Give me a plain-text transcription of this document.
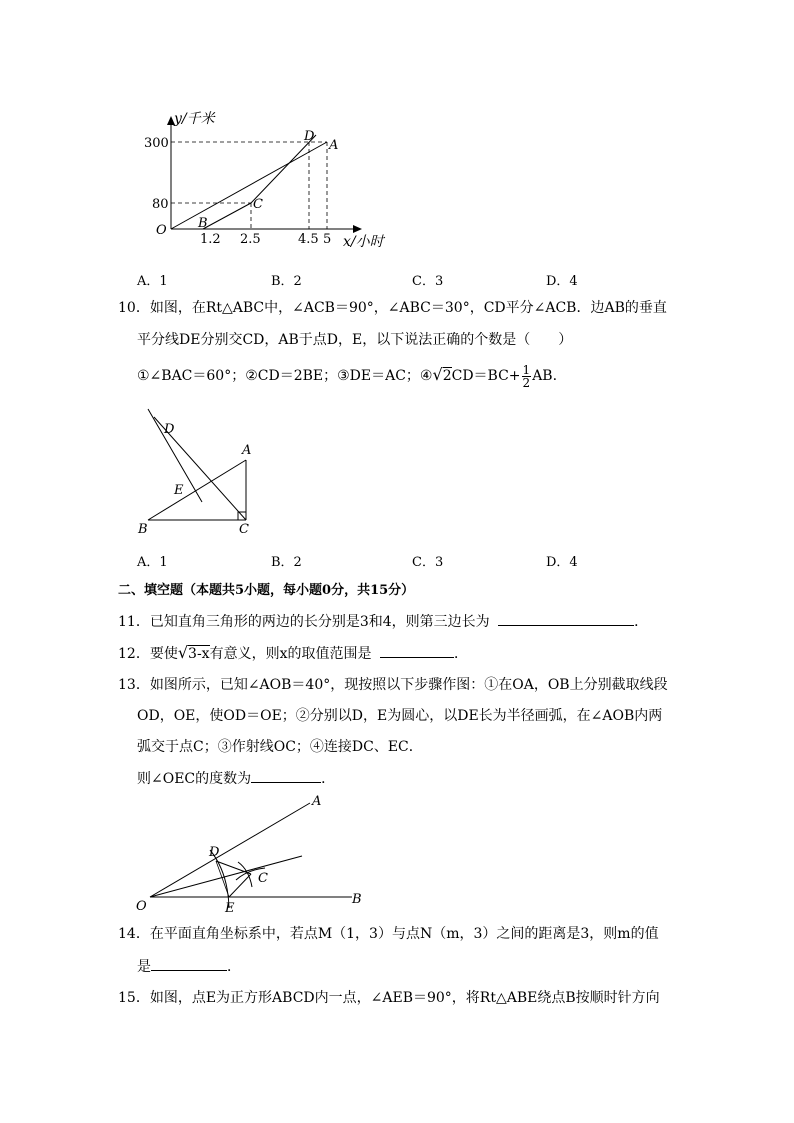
y/千米
x/小时
O
300
80
1.2 2.5	4.5 5
D
A
C
B
A．1	B．2	C．3	D．4
10．如图，在Rt△ABC中，∠ACB＝90°，∠ABC＝30°，CD平分∠ACB．边AB的垂直
平分线DE分别交CD，AB于点D，E，以下说法正确的个数是（　　）
①∠BAC＝60°；②CD＝2BE；③DE＝AC；④√2CD＝BC+ $\frac{1}{2}$ AB.
D
A
E
B	C
A．1	B．2	C．3	D．4
二、填空题（本题共5小题，每小题0分，共15分）
11．已知直角三角形的两边的长分别是3和4，则第三边长为	．
12．要使√3-x有意义，则x的取值范围是	．
13．如图所示，已知∠AOB＝40°，现按照以下步骤作图：①在OA，OB上分别截取线段
OD，OE，使OD＝OE；②分别以D，E为圆心，以DE长为半径画弧，在∠AOB内两
弧交于点C；③作射线OC；④连接DC、EC．
则∠OEC的度数为	．
A
D
C
O	E
B
14．在平面直角坐标系中，若点M（1，3）与点N（m，3）之间的距离是3，则m的值
是	．
15．如图，点E为正方形ABCD内一点，∠AEB＝90°，将Rt△ABE绕点B按顺时针方向
